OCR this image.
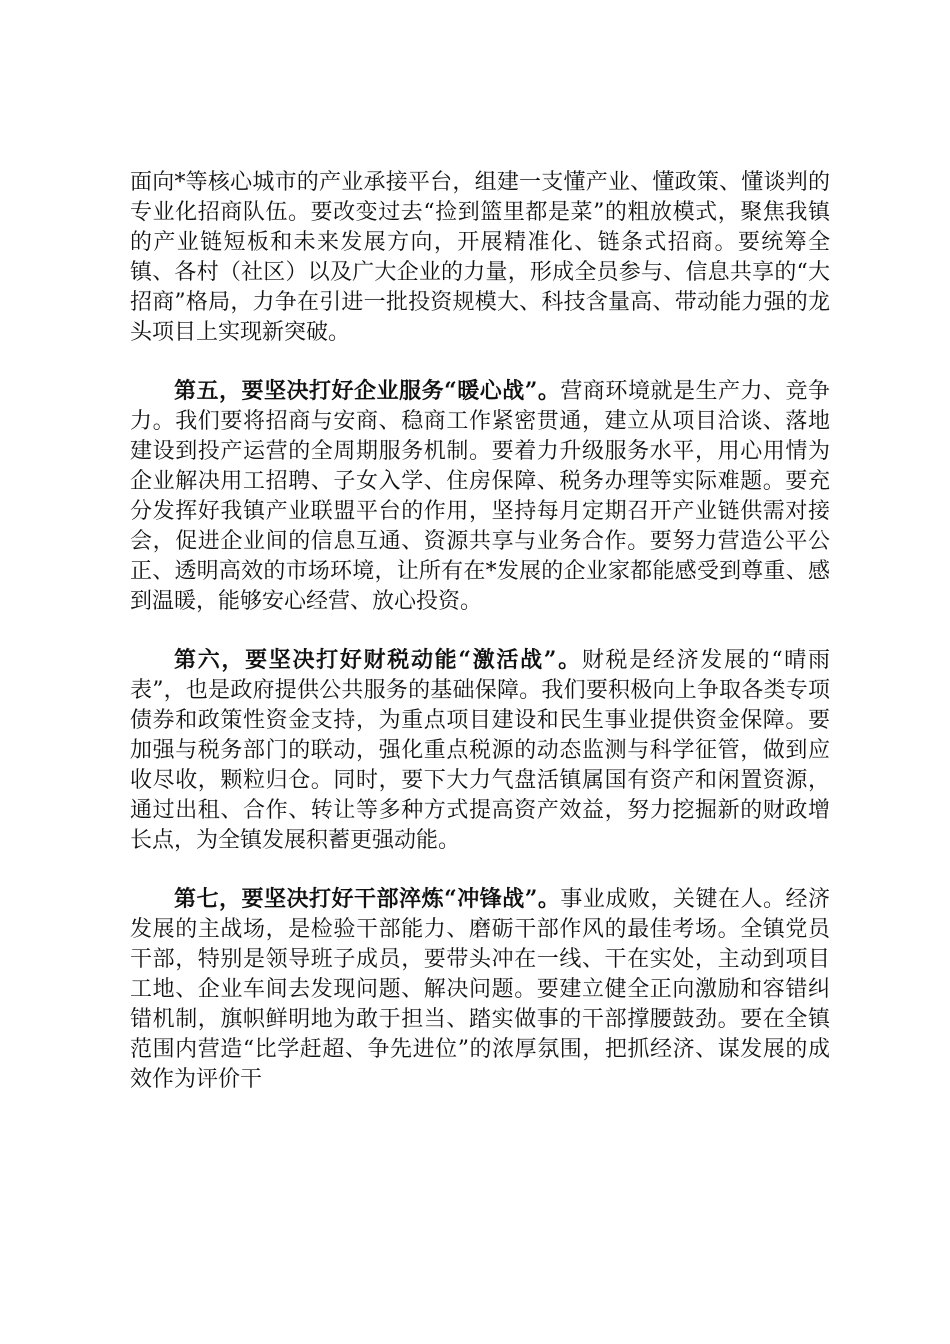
面向*等核心城市的产业承接平台，组建一支懂产业、懂政策、懂谈判的专业化招商队伍。要改变过去“捡到篮里都是菜”的粗放模式，聚焦我镇的产业链短板和未来发展方向，开展精准化、链条式招商。要统筹全镇、各村（社区）以及广大企业的力量，形成全员参与、信息共享的“大招商”格局，力争在引进一批投资规模大、科技含量高、带动能力强的龙头项目上实现新突破。

第五，要坚决打好企业服务“暖心战”。营商环境就是生产力、竞争力。我们要将招商与安商、稳商工作紧密贯通，建立从项目洽谈、落地建设到投产运营的全周期服务机制。要着力升级服务水平，用心用情为企业解决用工招聘、子女入学、住房保障、税务办理等实际难题。要充分发挥好我镇产业联盟平台的作用，坚持每月定期召开产业链供需对接会，促进企业间的信息互通、资源共享与业务合作。要努力营造公平公正、透明高效的市场环境，让所有在*发展的企业家都能感受到尊重、感到温暖，能够安心经营、放心投资。

第六，要坚决打好财税动能“激活战”。财税是经济发展的“晴雨表”，也是政府提供公共服务的基础保障。我们要积极向上争取各类专项债券和政策性资金支持，为重点项目建设和民生事业提供资金保障。要加强与税务部门的联动，强化重点税源的动态监测与科学征管，做到应收尽收，颗粒归仓。同时，要下大力气盘活镇属国有资产和闲置资源，通过出租、合作、转让等多种方式提高资产效益，努力挖掘新的财政增长点，为全镇发展积蓄更强动能。

第七，要坚决打好干部淬炼“冲锋战”。事业成败，关键在人。经济发展的主战场，是检验干部能力、磨砺干部作风的最佳考场。全镇党员干部，特别是领导班子成员，要带头冲在一线、干在实处，主动到项目工地、企业车间去发现问题、解决问题。要建立健全正向激励和容错纠错机制，旗帜鲜明地为敢于担当、踏实做事的干部撑腰鼓劲。要在全镇范围内营造“比学赶超、争先进位”的浓厚氛围，把抓经济、谋发展的成效作为评价干
